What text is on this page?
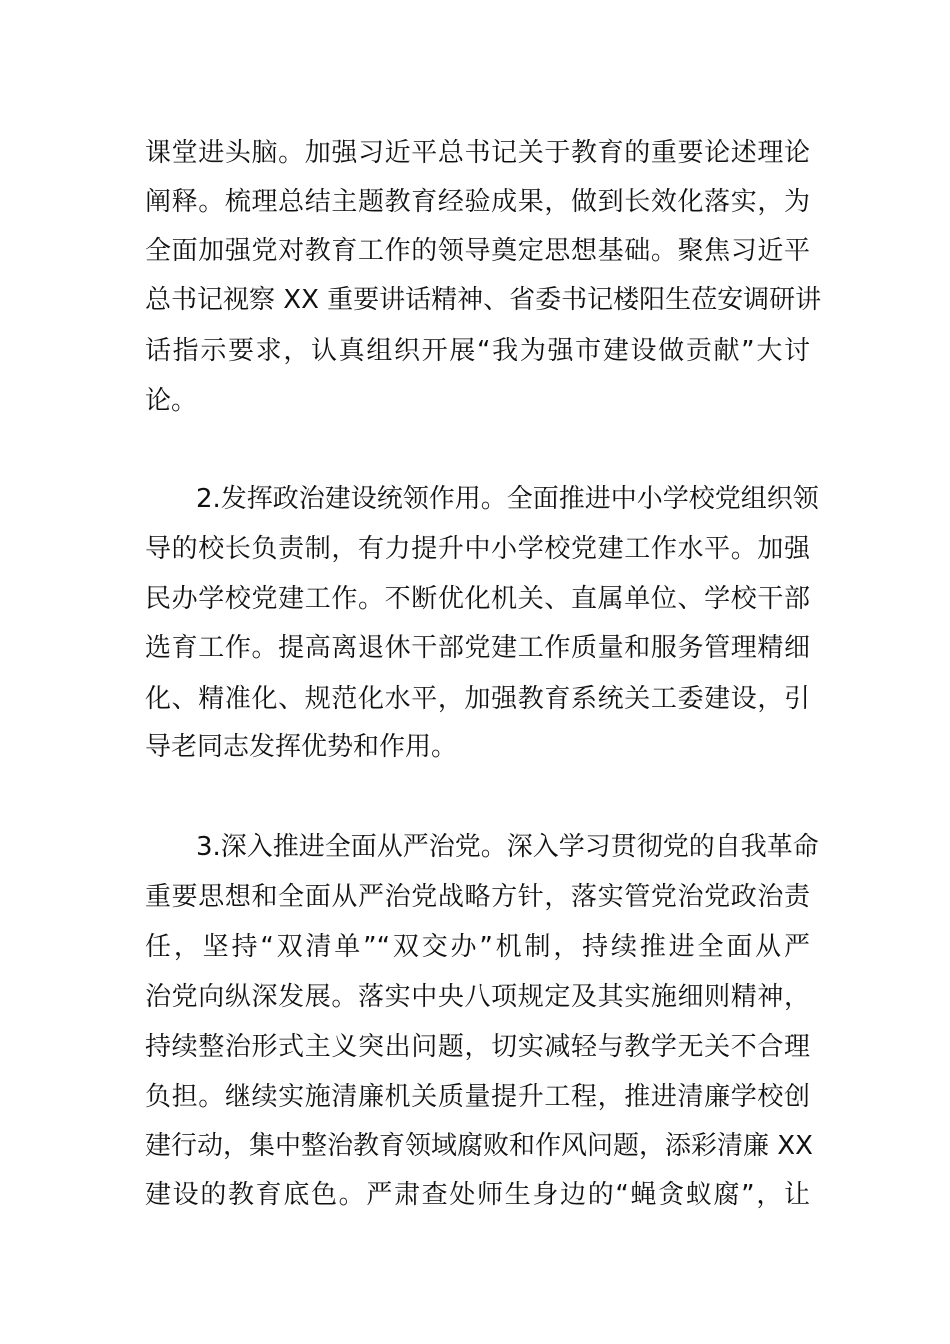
课堂进头脑。加强习近平总书记关于教育的重要论述理论
阐释。梳理总结主题教育经验成果，做到长效化落实，为
全面加强党对教育工作的领导奠定思想基础。聚焦习近平
总书记视察 XX 重要讲话精神、省委书记楼阳生莅安调研讲
话指示要求，认真组织开展“我为强市建设做贡献”大讨
论。
2.发挥政治建设统领作用。全面推进中小学校党组织领
导的校长负责制，有力提升中小学校党建工作水平。加强
民办学校党建工作。不断优化机关、直属单位、学校干部
选育工作。提高离退休干部党建工作质量和服务管理精细
化、精准化、规范化水平，加强教育系统关工委建设，引
导老同志发挥优势和作用。
3.深入推进全面从严治党。深入学习贯彻党的自我革命
重要思想和全面从严治党战略方针，落实管党治党政治责
任，坚持“双清单”“双交办”机制，持续推进全面从严
治党向纵深发展。落实中央八项规定及其实施细则精神，
持续整治形式主义突出问题，切实减轻与教学无关不合理
负担。继续实施清廉机关质量提升工程，推进清廉学校创
建行动，集中整治教育领域腐败和作风问题，添彩清廉 XX
建设的教育底色。严肃查处师生身边的“蝇贪蚁腐”，让
